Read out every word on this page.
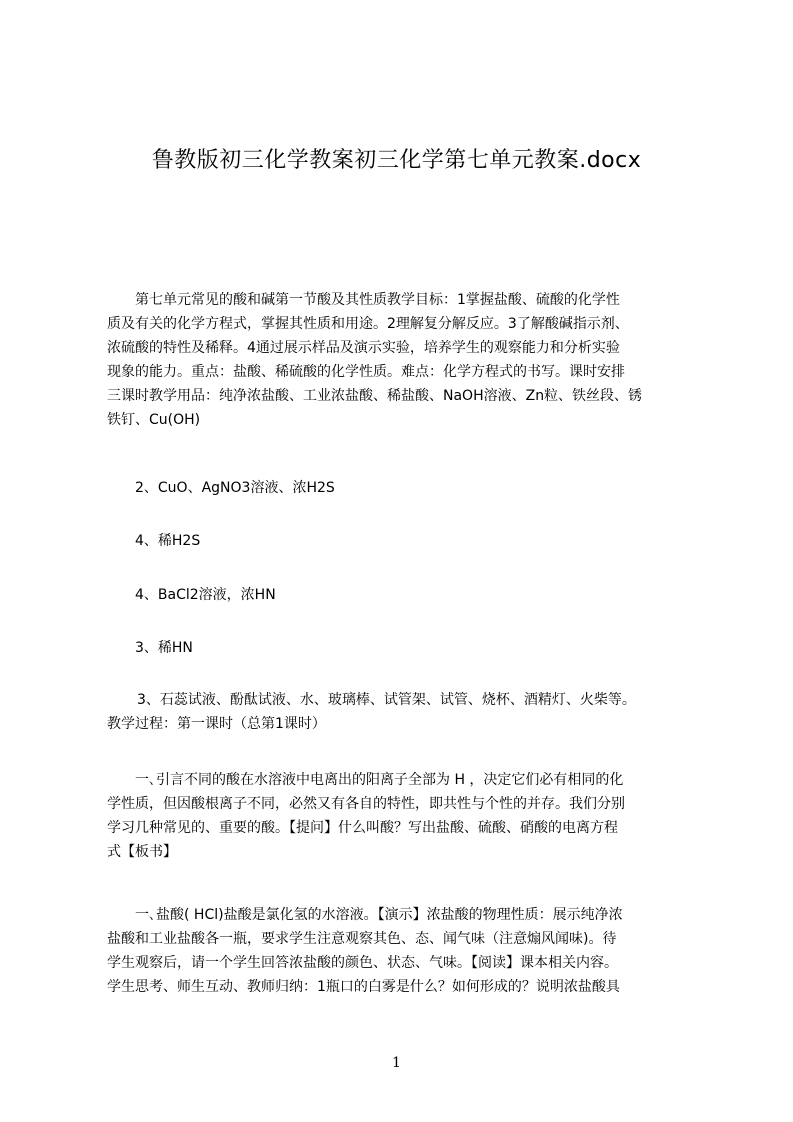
鲁教版初三化学教案初三化学第七单元教案.docx
第七单元常见的酸和碱第一节酸及其性质教学目标：1掌握盐酸、硫酸的化学性
质及有关的化学方程式，掌握其性质和用途。2理解复分解反应。3了解酸碱指示剂、
浓硫酸的特性及稀释。4通过展示样品及演示实验，培养学生的观察能力和分析实验
现象的能力。重点：盐酸、稀硫酸的化学性质。难点：化学方程式的书写。课时安排
三课时教学用品：纯净浓盐酸、工业浓盐酸、稀盐酸、NaOH溶液、Zn粒、铁丝段、锈
铁钉、Cu(OH)

2、CuO、AgNO3溶液、浓H2S

4、稀H2S

4、BaCl2溶液，浓HN

3、稀HN

3、石蕊试液、酚酞试液、水、玻璃棒、试管架、试管、烧杯、酒精灯、火柴等。
教学过程：第一课时（总第1课时）
一､引言不同的酸在水溶液中电离出的阳离子全部为 H ，决定它们必有相同的化
学性质，但因酸根离子不同，必然又有各自的特性，即共性与个性的并存。我们分别
学习几种常见的、重要的酸。【提问】什么叫酸？写出盐酸、硫酸、硝酸的电离方程
式【板书】
一､盐酸( HCl)盐酸是氯化氢的水溶液。【演示】浓盐酸的物理性质：展示纯净浓
盐酸和工业盐酸各一瓶，要求学生注意观察其色、态、闻气味（注意煽风闻味)。待
学生观察后，请一个学生回答浓盐酸的颜色、状态、气味。【阅读】课本相关内容。
学生思考、师生互动、教师归纳：1瓶口的白雾是什么？如何形成的？说明浓盐酸具
1
